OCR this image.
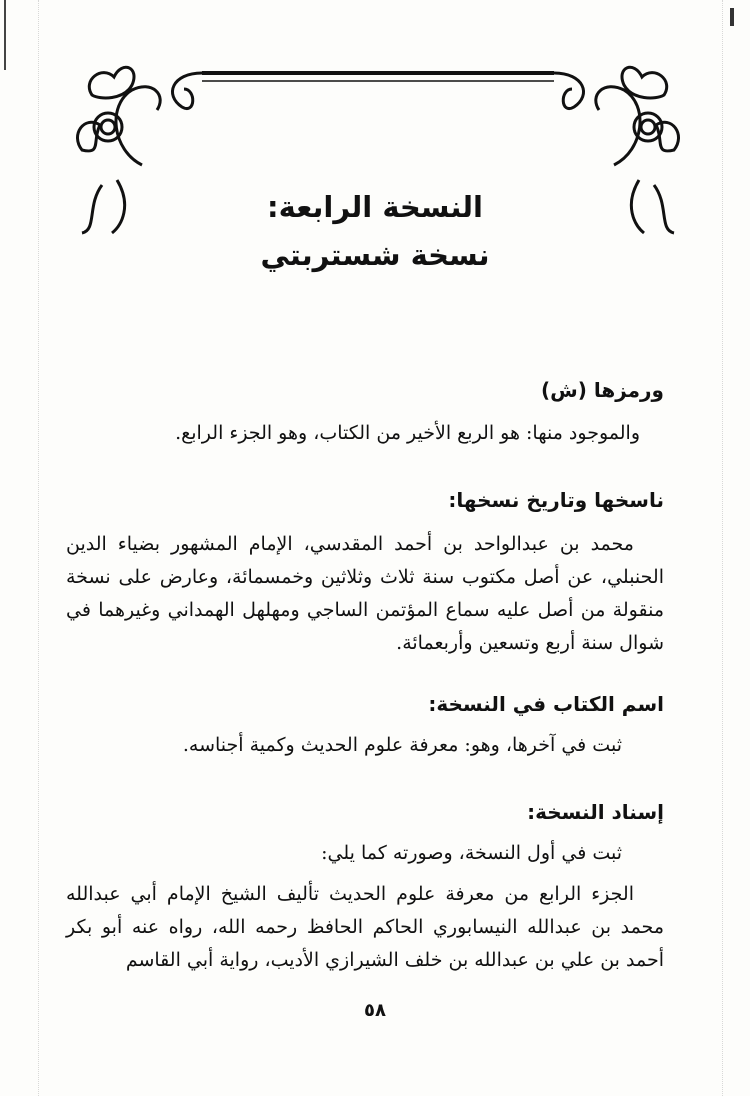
النسخة الرابعة:
نسخة شستربتي
ورمزها (ش)
والموجود منها: هو الربع الأخير من الكتاب، وهو الجزء الرابع.
ناسخها وتاريخ نسخها:
محمد بن عبدالواحد بن أحمد المقدسي، الإمام المشهور بضياء الدين الحنبلي، عن أصل مكتوب سنة ثلاث وثلاثين وخمسمائة، وعارض على نسخة منقولة من أصل عليه سماع المؤتمن الساجي ومهلهل الهمداني وغيرهما في شوال سنة أربع وتسعين وأربعمائة.
اسم الكتاب في النسخة:
ثبت في آخرها، وهو: معرفة علوم الحديث وكمية أجناسه.
إسناد النسخة:
ثبت في أول النسخة، وصورته كما يلي:
الجزء الرابع من معرفة علوم الحديث تأليف الشيخ الإمام أبي عبدالله محمد بن عبدالله النيسابوري الحاكم الحافظ رحمه الله، رواه عنه أبو بكر أحمد بن علي بن عبدالله بن خلف الشيرازي الأديب، رواية أبي القاسم
٥٨
